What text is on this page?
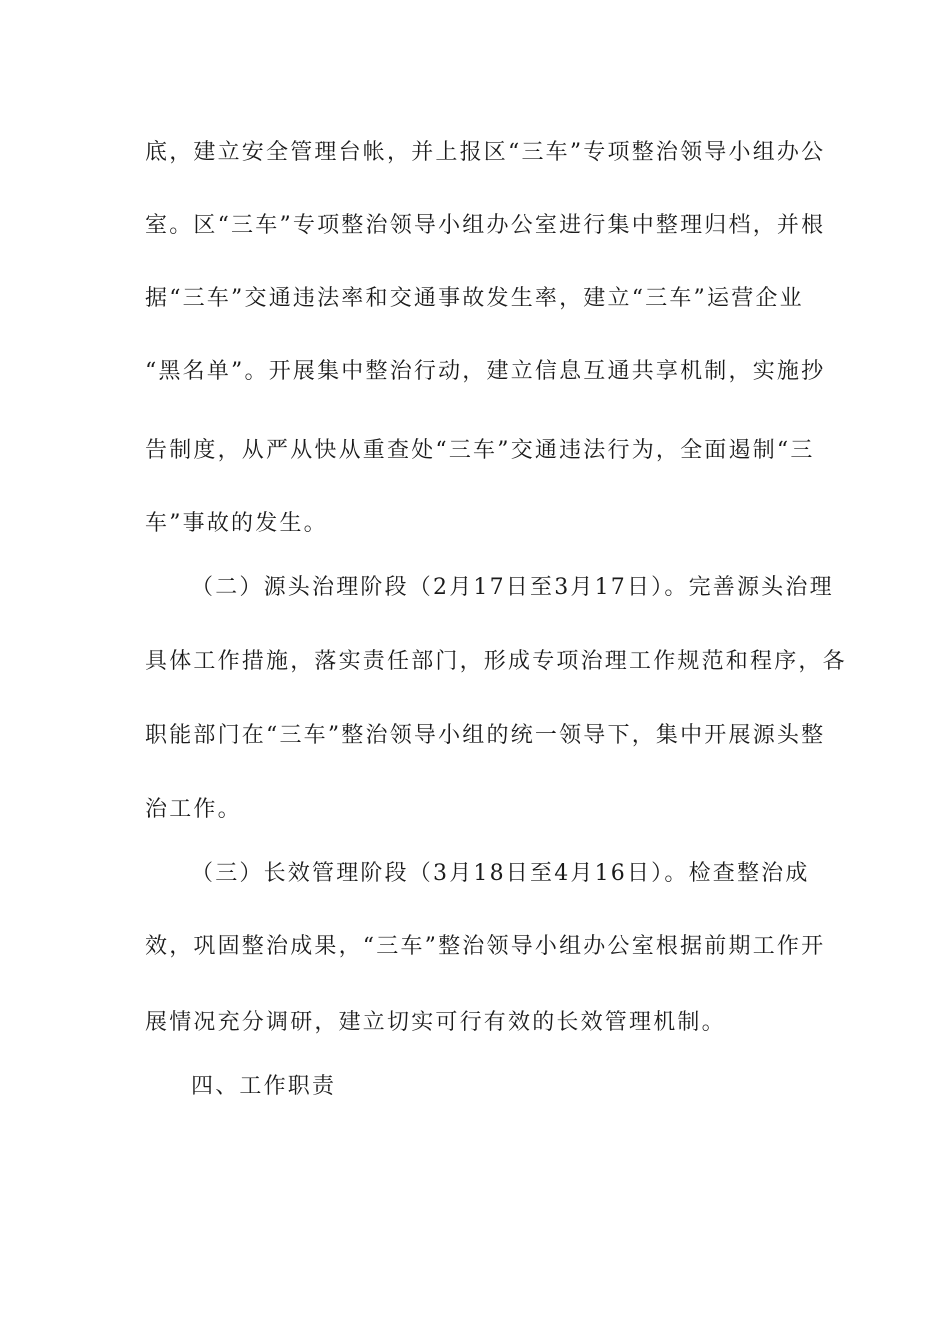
底，建立安全管理台帐，并上报区“三车”专项整治领导小组办公
室。区“三车”专项整治领导小组办公室进行集中整理归档，并根
据“三车”交通违法率和交通事故发生率，建立“三车”运营企业
“黑名单”。开展集中整治行动，建立信息互通共享机制，实施抄
告制度，从严从快从重查处“三车”交通违法行为，全面遏制“三
车”事故的发生。
（二）源头治理阶段（2月17日至3月17日）。完善源头治理
具体工作措施，落实责任部门，形成专项治理工作规范和程序，各
职能部门在“三车”整治领导小组的统一领导下，集中开展源头整
治工作。
（三）长效管理阶段（3月18日至4月16日）。检查整治成
效，巩固整治成果，“三车”整治领导小组办公室根据前期工作开
展情况充分调研，建立切实可行有效的长效管理机制。
四、工作职责
